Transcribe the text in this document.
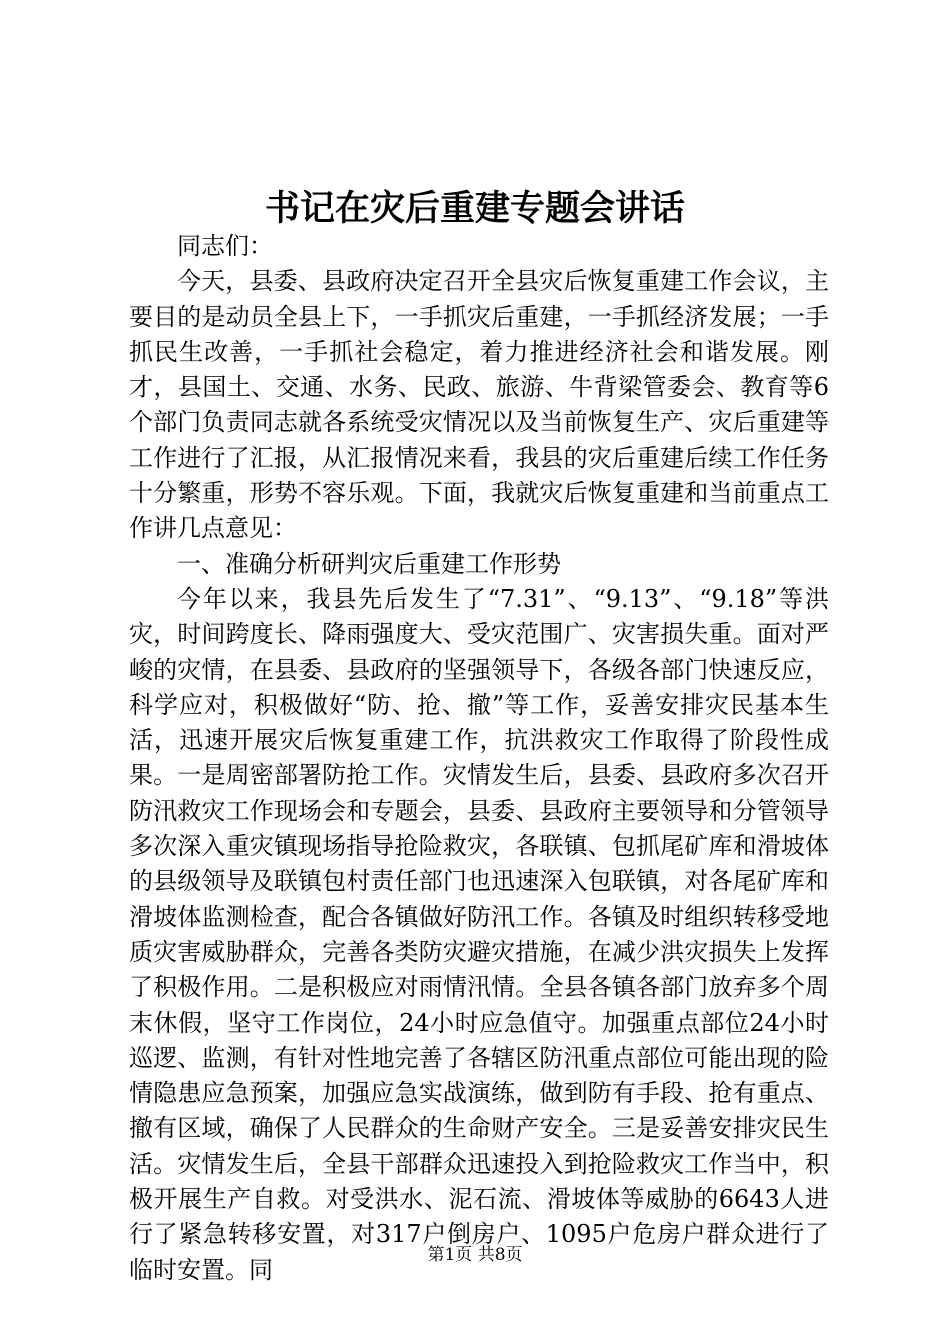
书记在灾后重建专题会讲话

同志们：

今天，县委、县政府决定召开全县灾后恢复重建工作会议，主要目的是动员全县上下，一手抓灾后重建，一手抓经济发展；一手抓民生改善，一手抓社会稳定，着力推进经济社会和谐发展。刚才，县国土、交通、水务、民政、旅游、牛背梁管委会、教育等6个部门负责同志就各系统受灾情况以及当前恢复生产、灾后重建等工作进行了汇报，从汇报情况来看，我县的灾后重建后续工作任务十分繁重，形势不容乐观。下面，我就灾后恢复重建和当前重点工作讲几点意见：

一、准确分析研判灾后重建工作形势

今年以来，我县先后发生了“7.31”、“9.13”、“9.18”等洪灾，时间跨度长、降雨强度大、受灾范围广、灾害损失重。面对严峻的灾情，在县委、县政府的坚强领导下，各级各部门快速反应，科学应对，积极做好“防、抢、撤”等工作，妥善安排灾民基本生活，迅速开展灾后恢复重建工作，抗洪救灾工作取得了阶段性成果。一是周密部署防抢工作。灾情发生后，县委、县政府多次召开防汛救灾工作现场会和专题会，县委、县政府主要领导和分管领导多次深入重灾镇现场指导抢险救灾，各联镇、包抓尾矿库和滑坡体的县级领导及联镇包村责任部门也迅速深入包联镇，对各尾矿库和滑坡体监测检查，配合各镇做好防汛工作。各镇及时组织转移受地质灾害威胁群众，完善各类防灾避灾措施，在减少洪灾损失上发挥了积极作用。二是积极应对雨情汛情。全县各镇各部门放弃多个周末休假，坚守工作岗位，24小时应急值守。加强重点部位24小时巡逻、监测，有针对性地完善了各辖区防汛重点部位可能出现的险情隐患应急预案，加强应急实战演练，做到防有手段、抢有重点、撤有区域，确保了人民群众的生命财产安全。三是妥善安排灾民生活。灾情发生后，全县干部群众迅速投入到抢险救灾工作当中，积极开展生产自救。对受洪水、泥石流、滑坡体等威胁的6643人进行了紧急转移安置，对317户倒房户、1095户危房户群众进行了临时安置。同

第1页 共8页
